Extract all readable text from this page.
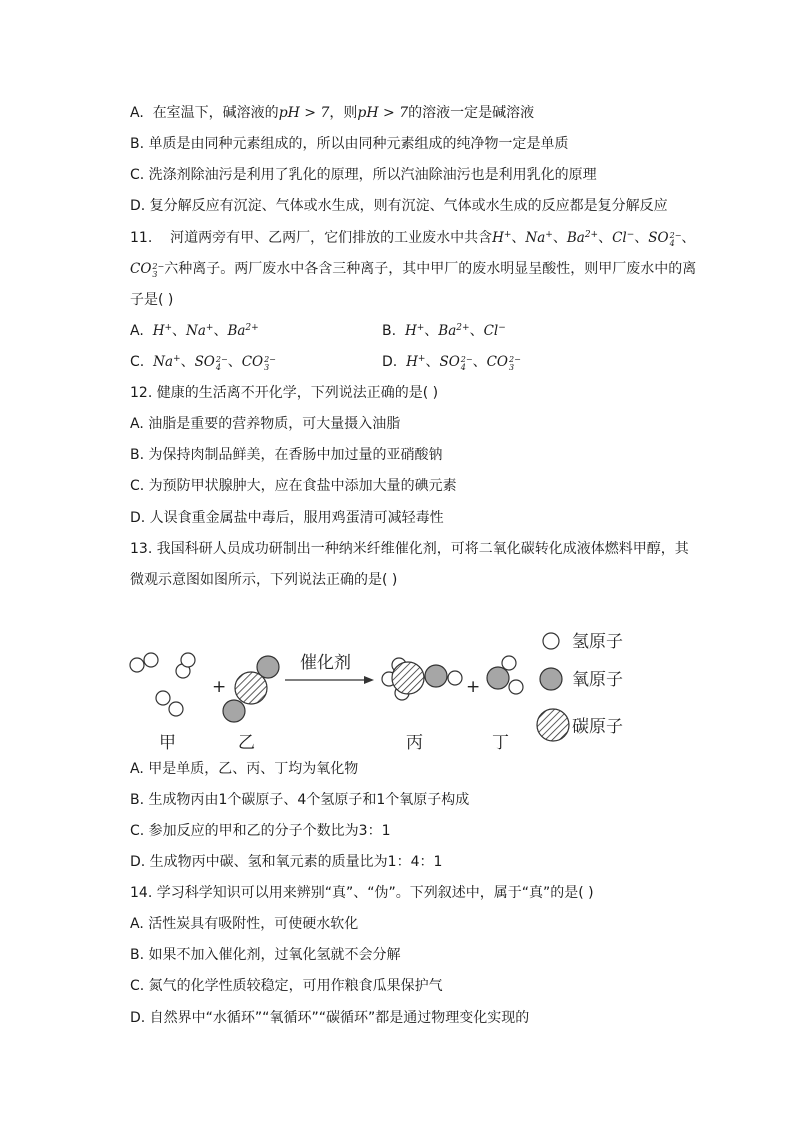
A. 在室温下，碱溶液的pH > 7，则pH > 7的溶液一定是碱溶液
B. 单质是由同种元素组成的，所以由同种元素组成的纯净物一定是单质
C. 洗涤剂除油污是利用了乳化的原理，所以汽油除油污也是利用乳化的原理
D. 复分解反应有沉淀、气体或水生成，则有沉淀、气体或水生成的反应都是复分解反应
11. 河道两旁有甲、乙两厂，它们排放的工业废水中共含H+、Na+、$Ba^{2+}$、Cl−、SO 2−
4 、
CO 2−
3 六种离子。两厂废水中各含三种离子，其中甲厂的废水明显呈酸性，则甲厂废水中的离
子是( )
A. H+、Na+、$Ba^{2+}$	B. H+、$Ba^{2+}$、Cl−
C. Na+、SO 2−
4 、CO 2−
3	D. H+、SO 2−
4 、CO 2−
3
12. 健康的生活离不开化学，下列说法正确的是( )
A. 油脂是重要的营养物质，可大量摄入油脂
B. 为保持肉制品鲜美，在香肠中加过量的亚硝酸钠
C. 为预防甲状腺肿大，应在食盐中添加大量的碘元素
D. 人误食重金属盐中毒后，服用鸡蛋清可减轻毒性
13. 我国科研人员成功研制出一种纳米纤维催化剂，可将二氧化碳转化成液体燃料甲醇，其
微观示意图如图所示，下列说法正确的是( )
+
催化剂
+
甲	乙	丙	丁
氢原子
氧原子
碳原子
A. 甲是单质，乙、丙、丁均为氧化物
B. 生成物丙由1个碳原子、4个氢原子和1个氧原子构成
C. 参加反应的甲和乙的分子个数比为3：1
D. 生成物丙中碳、氢和氧元素的质量比为1：4：1
14. 学习科学知识可以用来辨别“真”、“伪”。下列叙述中，属于“真”的是( )
A. 活性炭具有吸附性，可使硬水软化
B. 如果不加入催化剂，过氧化氢就不会分解
C. 氮气的化学性质较稳定，可用作粮食瓜果保护气
D. 自然界中“水循环”“氧循环”“碳循环”都是通过物理变化实现的
